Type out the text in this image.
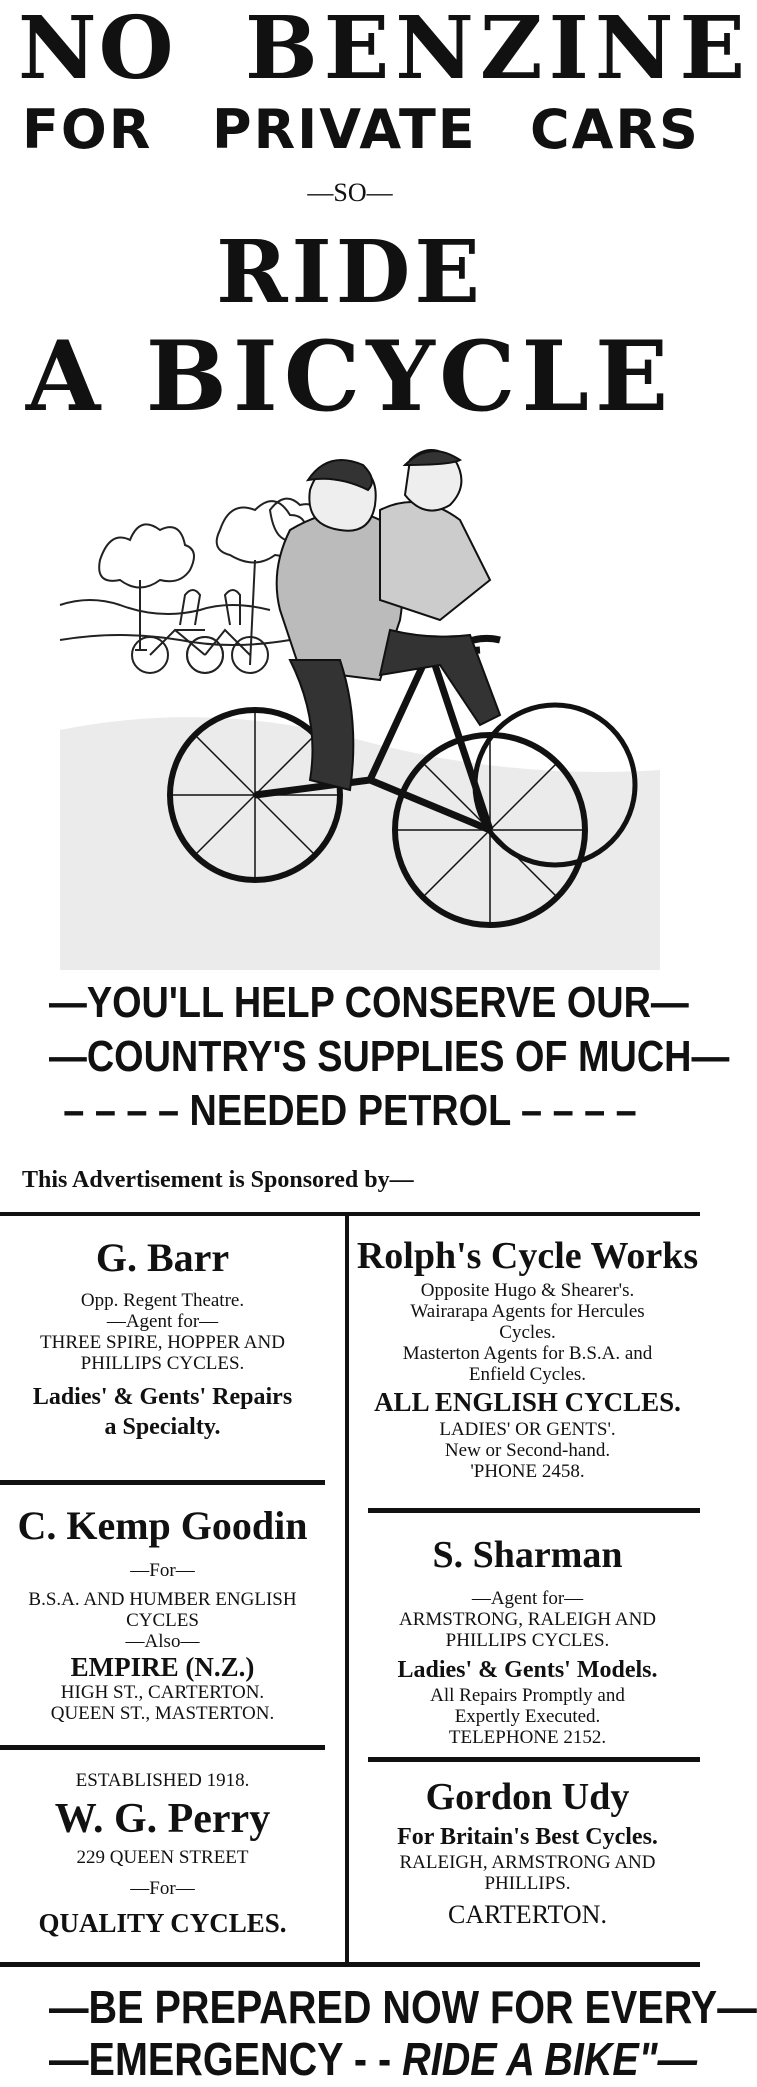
NO BENZINE
FOR PRIVATE CARS
—SO—
RIDE
A BICYCLE
—YOU'LL HELP CONSERVE OUR—
—COUNTRY'S SUPPLIES OF MUCH—
– – – – NEEDED PETROL – – – –
This Advertisement is Sponsored by—
G. Barr
Opp. Regent Theatre.
—Agent for—
THREE SPIRE, HOPPER AND
PHILLIPS CYCLES.
Ladies' & Gents' Repairs
a Specialty.
Rolph's Cycle Works
Opposite Hugo & Shearer's.
Wairarapa Agents for Hercules
Cycles.
Masterton Agents for B.S.A. and
Enfield Cycles.
ALL ENGLISH CYCLES.
LADIES' OR GENTS'.
New or Second-hand.
'PHONE 2458.
C. Kemp Goodin
—For—
B.S.A. AND HUMBER ENGLISH
CYCLES
—Also—
EMPIRE (N.Z.)
HIGH ST., CARTERTON.
QUEEN ST., MASTERTON.
S. Sharman
—Agent for—
ARMSTRONG, RALEIGH AND
PHILLIPS CYCLES.
Ladies' & Gents' Models.
All Repairs Promptly and
Expertly Executed.
TELEPHONE 2152.
ESTABLISHED 1918.
W. G. Perry
229 QUEEN STREET
—For—
QUALITY CYCLES.
Gordon Udy
For Britain's Best Cycles.
RALEIGH, ARMSTRONG AND
PHILLIPS.
CARTERTON.
—BE PREPARED NOW FOR EVERY—
—EMERGENCY - - RIDE A BIKE"—
